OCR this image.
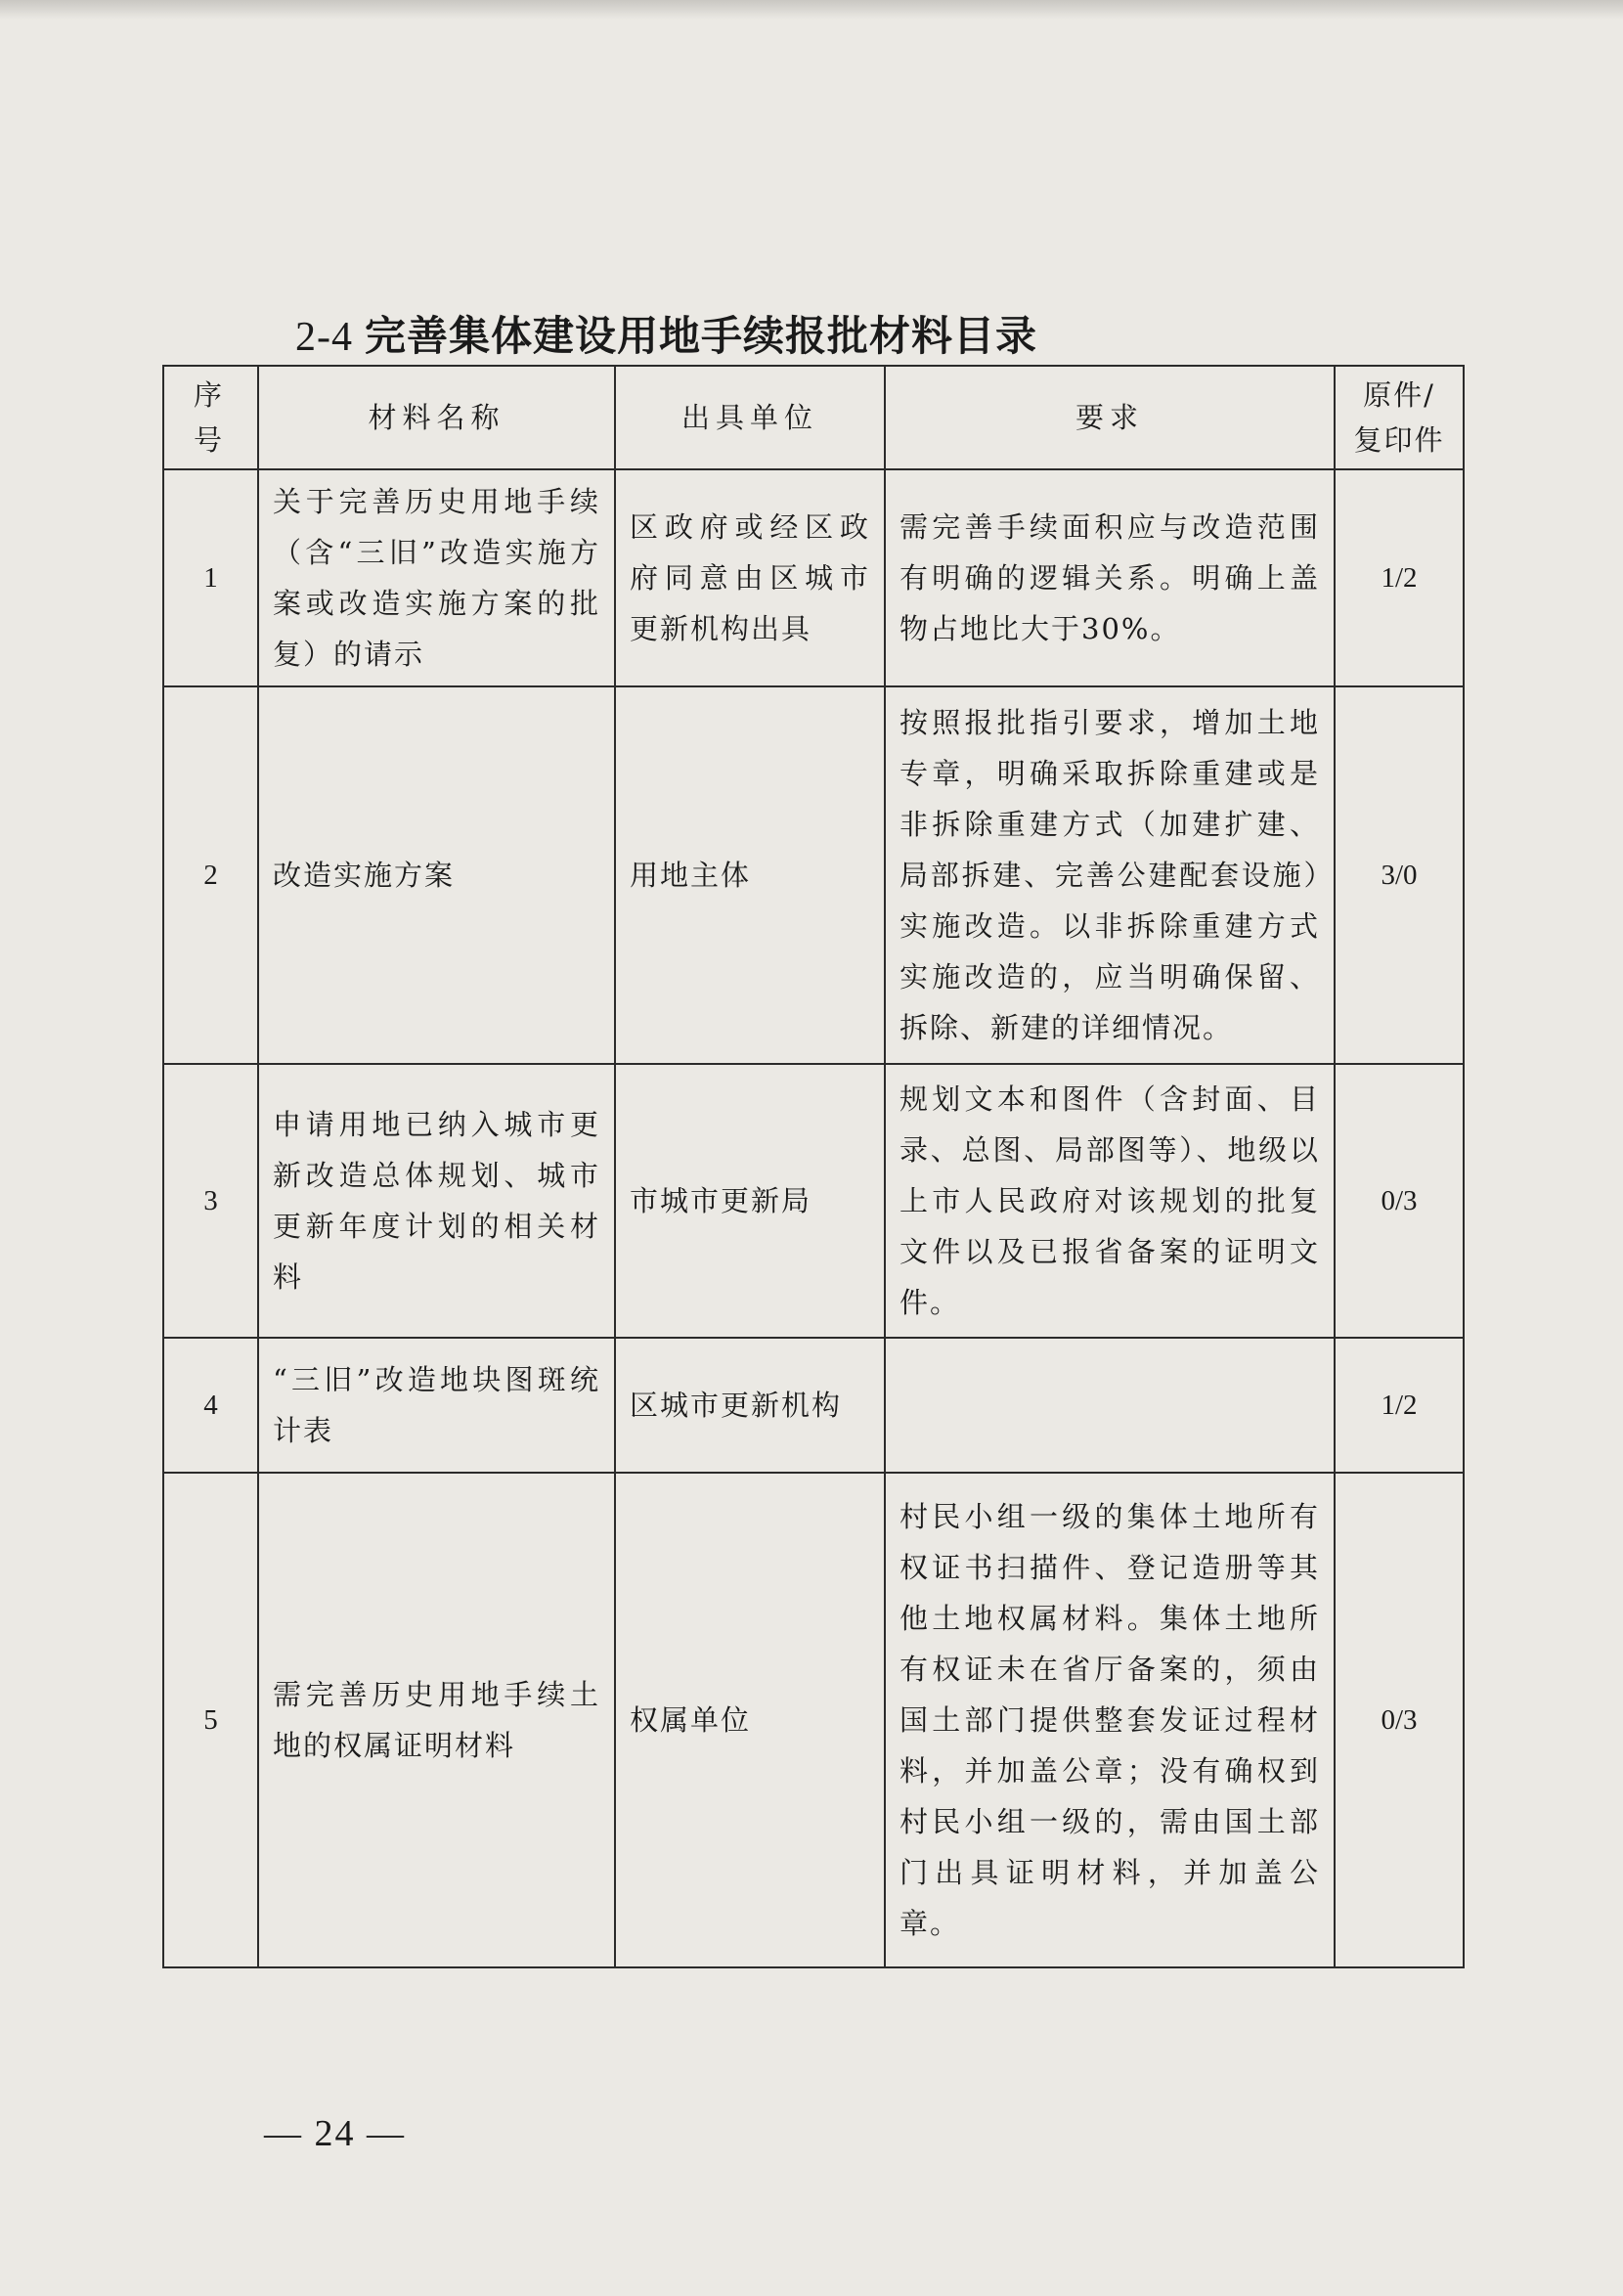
2-4 完善集体建设用地手续报批材料目录
序号	材料名称	出具单位	要求	原件/复印件
1	关于完善历史用地手续（含“三旧”改造实施方案或改造实施方案的批复）的请示	区政府或经区政府同意由区城市更新机构出具	需完善手续面积应与改造范围有明确的逻辑关系。明确上盖物占地比大于30%。	1/2
2	改造实施方案	用地主体	按照报批指引要求，增加土地专章，明确采取拆除重建或是非拆除重建方式（加建扩建、局部拆建、完善公建配套设施）实施改造。以非拆除重建方式实施改造的，应当明确保留、拆除、新建的详细情况。	3/0
3	申请用地已纳入城市更新改造总体规划、城市更新年度计划的相关材料	市城市更新局	规划文本和图件（含封面、目录、总图、局部图等）、地级以上市人民政府对该规划的批复文件以及已报省备案的证明文件。	0/3
4	“三旧”改造地块图斑统计表	区城市更新机构		1/2
5	需完善历史用地手续土地的权属证明材料	权属单位	村民小组一级的集体土地所有权证书扫描件、登记造册等其他土地权属材料。集体土地所有权证未在省厅备案的，须由国土部门提供整套发证过程材料，并加盖公章；没有确权到村民小组一级的，需由国土部门出具证明材料，并加盖公章。	0/3
— 24 —
